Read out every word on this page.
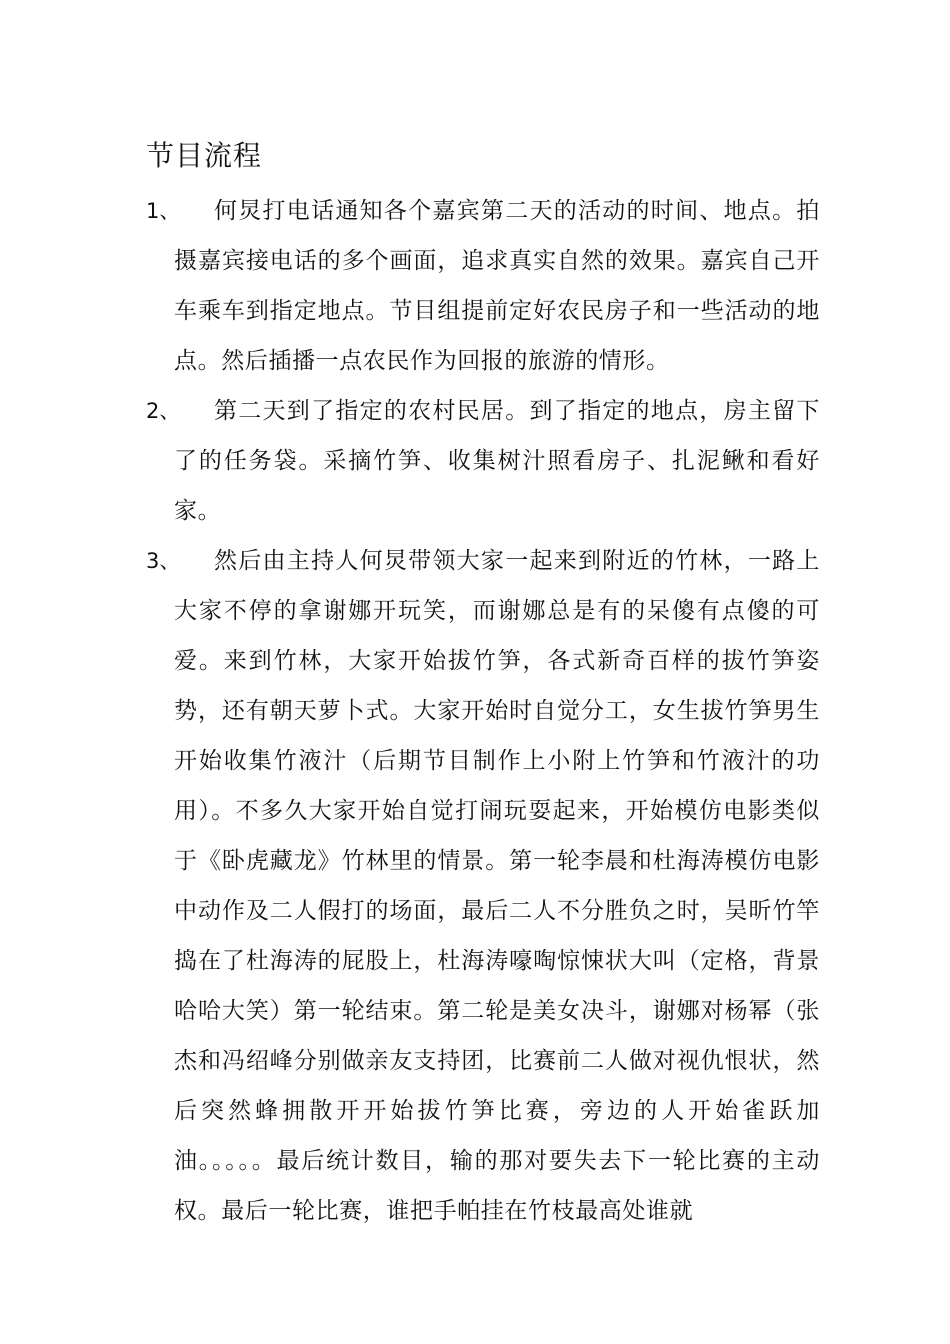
节目流程
1、	何炅打电话通知各个嘉宾第二天的活动的时间、地点。拍摄嘉宾接电话的多个画面，追求真实自然的效果。嘉宾自己开车乘车到指定地点。节目组提前定好农民房子和一些活动的地点。然后插播一点农民作为回报的旅游的情形。
2、	第二天到了指定的农村民居。到了指定的地点，房主留下了的任务袋。采摘竹笋、收集树汁照看房子、扎泥鳅和看好家。
3、	然后由主持人何炅带领大家一起来到附近的竹林，一路上大家不停的拿谢娜开玩笑，而谢娜总是有的呆傻有点傻的可爱。来到竹林，大家开始拔竹笋，各式新奇百样的拔竹笋姿势，还有朝天萝卜式。大家开始时自觉分工，女生拔竹笋男生开始收集竹液汁（后期节目制作上小附上竹笋和竹液汁的功用）。不多久大家开始自觉打闹玩耍起来，开始模仿电影类似于《卧虎藏龙》竹林里的情景。第一轮李晨和杜海涛模仿电影中动作及二人假打的场面，最后二人不分胜负之时，吴昕竹竿捣在了杜海涛的屁股上，杜海涛嚎啕惊悚状大叫（定格，背景哈哈大笑）第一轮结束。第二轮是美女决斗，谢娜对杨幂（张杰和冯绍峰分别做亲友支持团，比赛前二人做对视仇恨状，然后突然蜂拥散开开始拔竹笋比赛，旁边的人开始雀跃加油。。。。。最后统计数目，输的那对要失去下一轮比赛的主动权。最后一轮比赛，谁把手帕挂在竹枝最高处谁就
